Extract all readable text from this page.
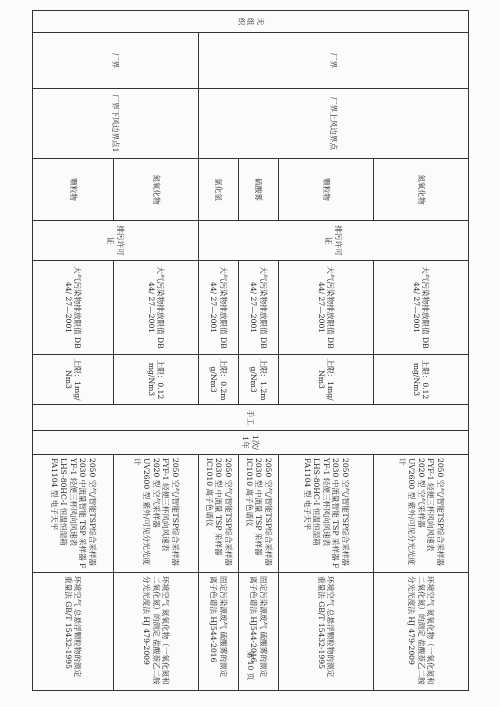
无组织	厂界	厂界上风边界点	氮氧化物	排污许可证	大气污染物排放限值 DB44/ 27—2001	上限：0.12mg/Nm3	手工	1次/1年	2050 空气/智能TSP综合采样器
FYF-1 轻便三杯风向风速表
2020 型 空气采样器
UV2600 型 紫外/可见分光光度计	环境空气 氮氧化物（一氧化氮和二氧化氮）的测定 盐酸萘乙二胺分光光度法 HJ 479-2009
			颗粒物		大气污染物排放限值 DB44/ 27—2001	上限：1mg/Nm3			2050 空气/智能TSP综合采样器
2030 中流量智能 TSP 采样器 FYF-1 轻便三杯风向风速表
LHS-80HC-I 恒温恒湿箱
FA1104 型 电子天平	环境空气 总悬浮颗粒物的测定 重量法 GB/T 15432-1995
			硫酸雾		大气污染物排放限值 DB44/ 27—2001	上限：1.2mg/Nm3			2050 空气/智能TSP综合采样器
2030 型 中流量 TSP 采样器
IC1010 离子色谱仪	固定污染源废气 硫酸雾的测定 离子色谱法 HJ544-2016
			氯化氢		大气污染物排放限值 DB44/ 27—2001	上限：0.2mg/Nm3			2050 空气/智能TSP综合采样器
2030 型 中流量 TSP 采样器
IC1010 离子色谱仪	固定污染源废气 硫酸雾的测定 离子色谱法 HJ544-2016
	厂界	厂界下风边界点1	氮氧化物	排污许可证	大气污染物排放限值 DB44/ 27—2001	上限：0.12mg/Nm3			2050 空气/智能TSP综合采样器
FYF-1 轻便三杯风向风速表
2020 型 空气采样器
UV2600 型 紫外/可见分光光度计	环境空气 氮氧化物（一氧化氮和二氧化氮）的测定 盐酸萘乙二胺分光光度法 HJ 479-2009
			颗粒物		大气污染物排放限值 DB44/ 27—2001	上限：1mg/Nm3			2050 空气/智能TSP综合采样器
2030 中流量智能 TSP 采样器 FYF-1 轻便三杯风向风速表
LHS-80HC-I 恒温恒湿箱
FA1104 型 电子天平	环境空气 总悬浮颗粒物的测定 重量法 GB/T 15432-1995	第 10 页
